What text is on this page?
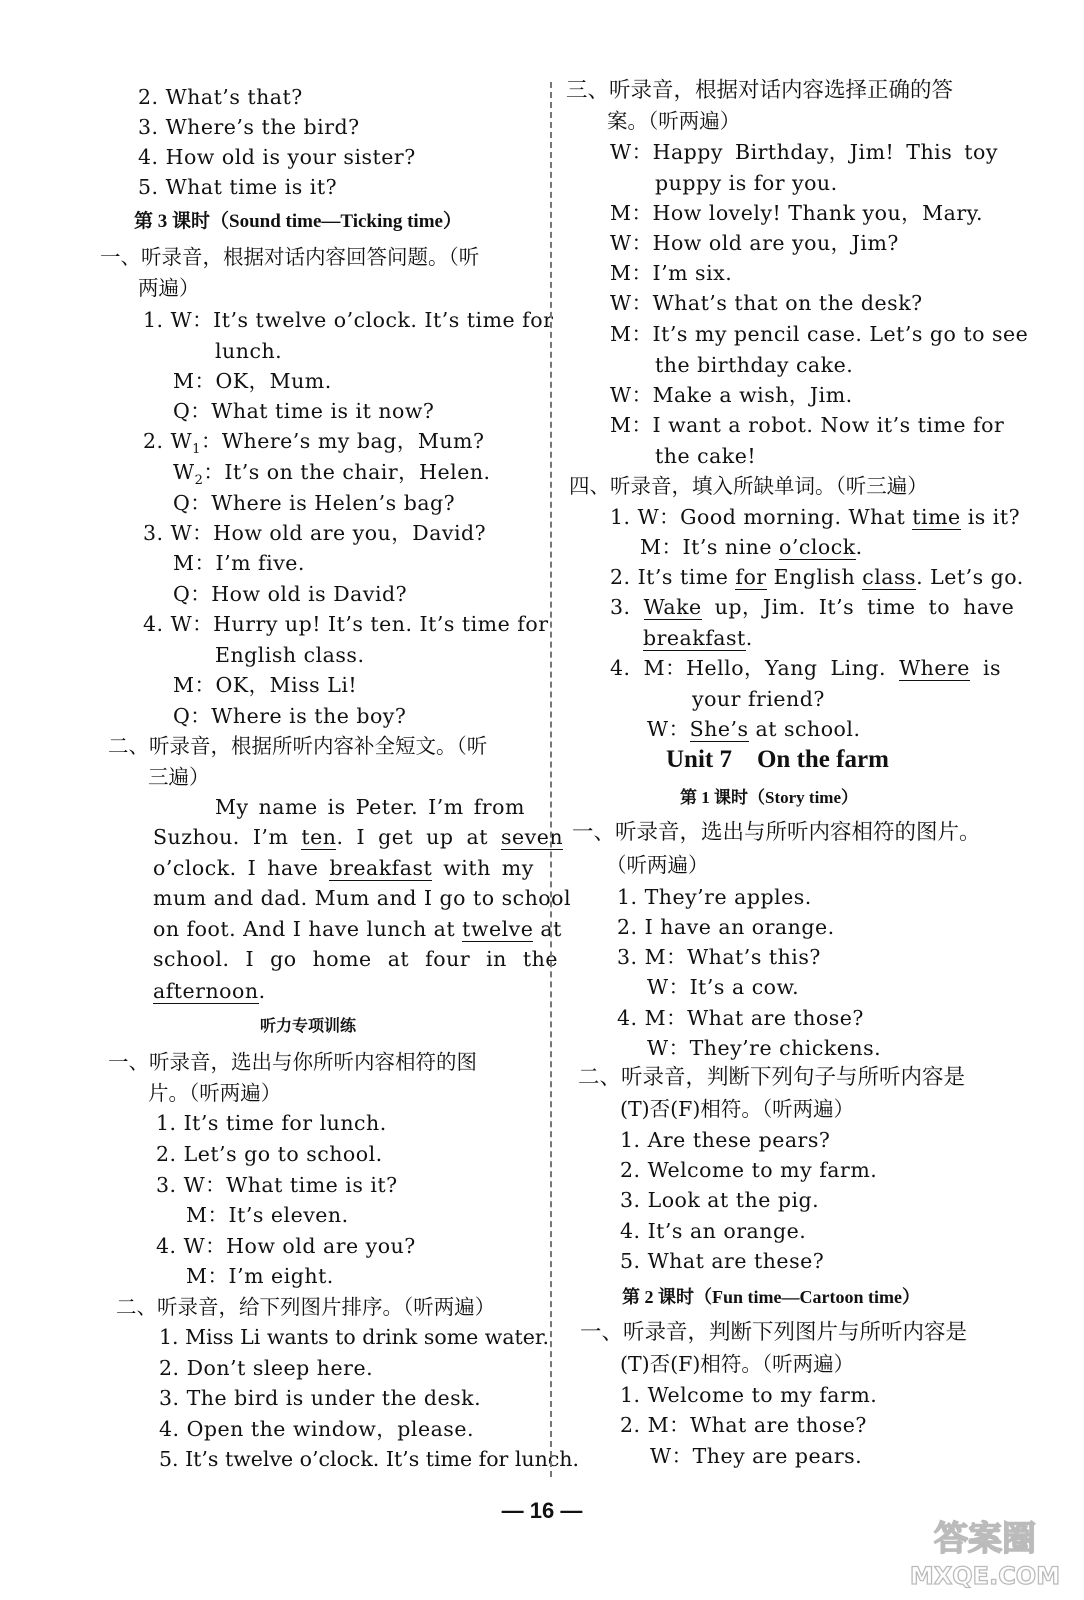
2. What’s that?
3. Where’s the bird?
4. How old is your sister?
5. What time is it?
第 3 课时（Sound time—Ticking time）
一、听录音，根据对话内容回答问题。（听
两遍）
1. W：It’s twelve o’clock. It’s time for
lunch.
M：OK，Mum.
Q：What time is it now?
2. $W_1$：Where’s my bag，Mum?
$W_2$：It’s on the chair，Helen.
Q：Where is Helen’s bag?
3. W：How old are you，David?
M：I’m five.
Q：How old is David?
4. W：Hurry up! It’s ten. It’s time for
English class.
M：OK，Miss Li!
Q：Where is the boy?
二、听录音，根据所听内容补全短文。（听
三遍）
My name is Peter. I’m from
Suzhou. I’m ten. I get up at seven
o’clock. I have breakfast with my
mum and dad. Mum and I go to school
on foot. And I have lunch at twelve at
school. I go home at four in the
afternoon.
听力专项训练
一、听录音，选出与你所听内容相符的图
片。（听两遍）
1. It’s time for lunch.
2. Let’s go to school.
3. W：What time is it?
M：It’s eleven.
4. W：How old are you?
M：I’m eight.
二、听录音，给下列图片排序。（听两遍）
1. Miss Li wants to drink some water.
2. Don’t sleep here.
3. The bird is under the desk.
4. Open the window，please.
5. It’s twelve o’clock. It’s time for lunch.
三、听录音，根据对话内容选择正确的答
案。（听两遍）
W：Happy Birthday，Jim! This toy
puppy is for you.
M：How lovely! Thank you，Mary.
W：How old are you，Jim?
M：I’m six.
W：What’s that on the desk?
M：It’s my pencil case. Let’s go to see
the birthday cake.
W：Make a wish，Jim.
M：I want a robot. Now it’s time for
the cake!
四、听录音，填入所缺单词。（听三遍）
1. W：Good morning. What time is it?
M：It’s nine o’clock.
2. It’s time for English class. Let’s go.
3. Wake up，Jim. It’s time to have
breakfast.
4. M：Hello，Yang Ling. Where is
your friend?
W：She’s at school.
Unit 7    On the farm
第 1 课时（Story time）
一、听录音，选出与所听内容相符的图片。
（听两遍）
1. They’re apples.
2. I have an orange.
3. M：What’s this?
W：It’s a cow.
4. M：What are those?
W：They’re chickens.
二、听录音，判断下列句子与所听内容是
(T)否(F)相符。（听两遍）
1. Are these pears?
2. Welcome to my farm.
3. Look at the pig.
4. It’s an orange.
5. What are these?
第 2 课时（Fun time—Cartoon time）
一、听录音，判断下列图片与所听内容是
(T)否(F)相符。（听两遍）
1. Welcome to my farm.
2. M：What are those?
W：They are pears.
— 16 —
答案圈
MXQE.COM
